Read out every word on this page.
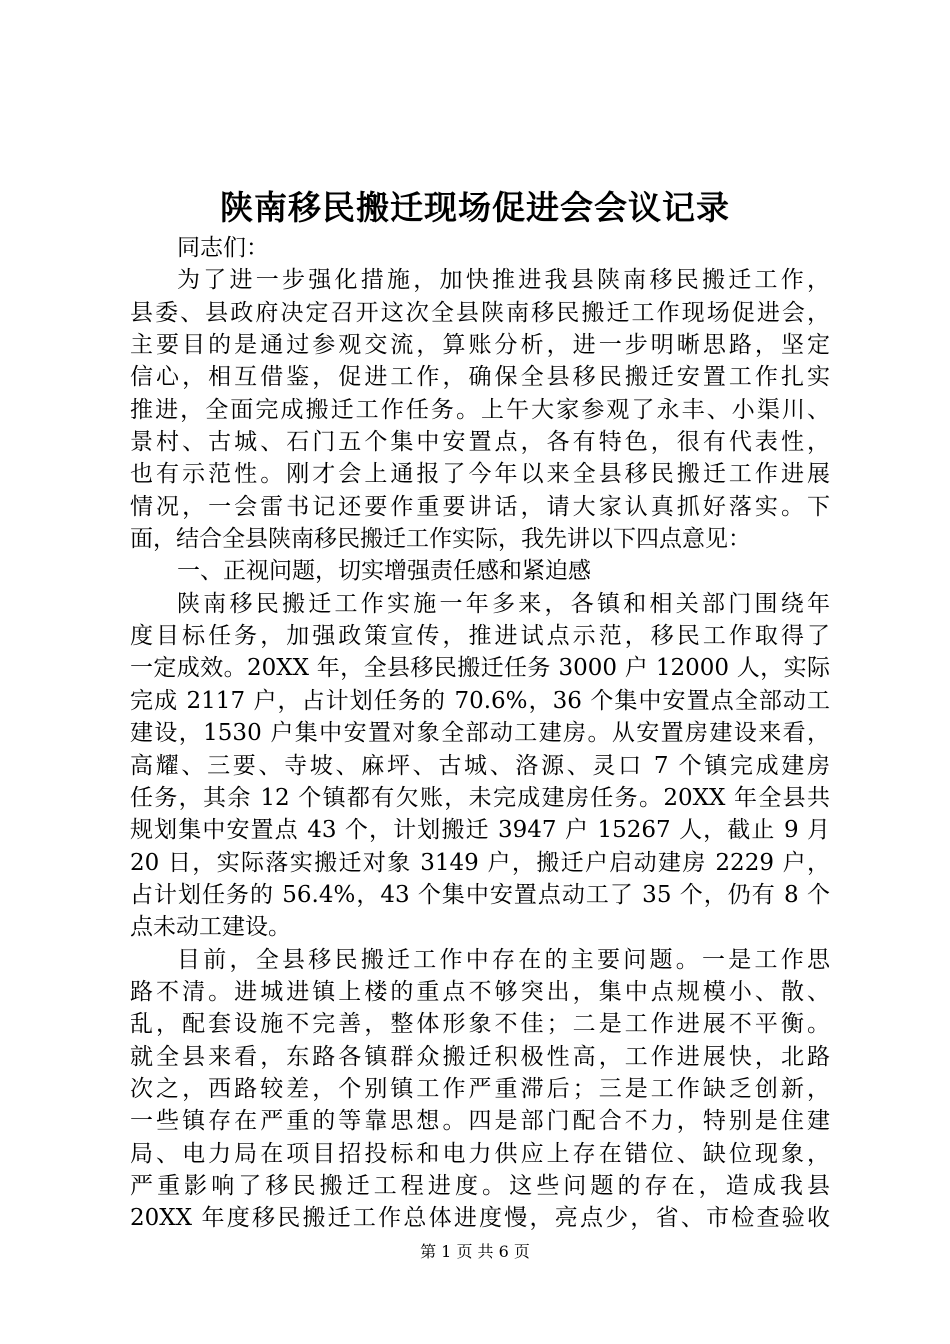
陕南移民搬迁现场促进会会议记录
同志们：
为了进一步强化措施，加快推进我县陕南移民搬迁工作，
县委、县政府决定召开这次全县陕南移民搬迁工作现场促进会，
主要目的是通过参观交流，算账分析，进一步明晰思路，坚定
信心，相互借鉴，促进工作，确保全县移民搬迁安置工作扎实
推进，全面完成搬迁工作任务。上午大家参观了永丰、小渠川、
景村、古城、石门五个集中安置点，各有特色，很有代表性，
也有示范性。刚才会上通报了今年以来全县移民搬迁工作进展
情况，一会雷书记还要作重要讲话，请大家认真抓好落实。下
面，结合全县陕南移民搬迁工作实际，我先讲以下四点意见：
一、正视问题，切实增强责任感和紧迫感
陕南移民搬迁工作实施一年多来，各镇和相关部门围绕年
度目标任务，加强政策宣传，推进试点示范，移民工作取得了
一定成效。20XX 年，全县移民搬迁任务 3000 户 12000 人，实际
完成 2117 户，占计划任务的 70.6%，36 个集中安置点全部动工
建设，1530 户集中安置对象全部动工建房。从安置房建设来看，
高耀、三要、寺坡、麻坪、古城、洛源、灵口 7 个镇完成建房
任务，其余 12 个镇都有欠账，未完成建房任务。20XX 年全县共
规划集中安置点 43 个，计划搬迁 3947 户 15267 人，截止 9 月
20 日，实际落实搬迁对象 3149 户，搬迁户启动建房 2229 户，
占计划任务的 56.4%，43 个集中安置点动工了 35 个，仍有 8 个
点未动工建设。
目前，全县移民搬迁工作中存在的主要问题。一是工作思
路不清。进城进镇上楼的重点不够突出，集中点规模小、散、
乱，配套设施不完善，整体形象不佳；二是工作进展不平衡。
就全县来看，东路各镇群众搬迁积极性高，工作进展快，北路
次之，西路较差，个别镇工作严重滞后；三是工作缺乏创新，
一些镇存在严重的等靠思想。四是部门配合不力，特别是住建
局、电力局在项目招投标和电力供应上存在错位、缺位现象，
严重影响了移民搬迁工程进度。这些问题的存在，造成我县
20XX 年度移民搬迁工作总体进度慢，亮点少，省、市检查验收
第 1 页 共 6 页
